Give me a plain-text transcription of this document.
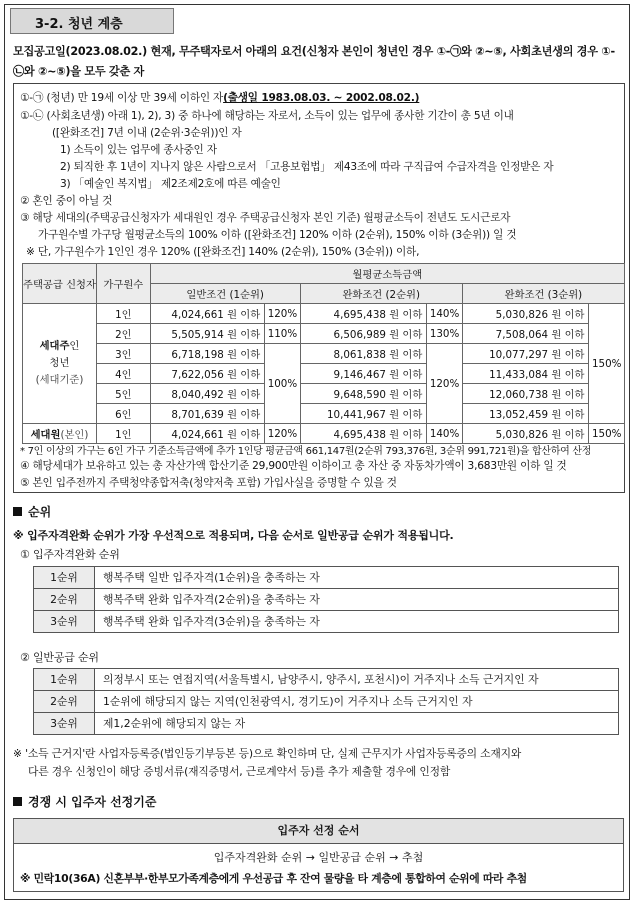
3-2. 청년 계층
모집공고일(2023.08.02.) 현재, 무주택자로서 아래의 요건(신청자 본인이 청년인 경우 ①-㉠와 ②~⑤, 사회초년생의 경우 ①-㉡와 ②~⑤)을 모두 갖춘 자
①-㉠ (청년) 만 19세 이상 만 39세 이하인 자(출생일 1983.08.03. ~ 2002.08.02.)
①-㉡ (사회초년생) 아래 1), 2), 3) 중 하나에 해당하는 자로서, 소득이 있는 업무에 종사한 기간이 총 5년 이내
([완화조건] 7년 이내 (2순위·3순위))인 자
1) 소득이 있는 업무에 종사중인 자
2) 퇴직한 후 1년이 지나지 않은 사람으로서 「고용보험법」 제43조에 따라 구직급여 수급자격을 인정받은 자
3) 「예술인 복지법」 제2조제2호에 따른 예술인
② 혼인 중이 아닐 것
③ 해당 세대의(주택공급신청자가 세대원인 경우 주택공급신청자 본인 기준) 월평균소득이 전년도 도시근로자
가구원수별 가구당 월평균소득의 100% 이하 ([완화조건] 120% 이하 (2순위), 150% 이하 (3순위)) 일 것
※ 단, 가구원수가 1인인 경우 120% ([완화조건] 140% (2순위), 150% (3순위)) 이하,
주택공급 신청자	가구원수	월평균소득금액					
		일반조건 (1순위)		완화조건 (2순위)		완화조건 (3순위)	
세대주인
청년
(세대기준)	1인	4,024,661 원 이하	120%	4,695,438 원 이하	140%	5,030,826 원 이하	150%
	2인	5,505,914 원 이하	110%	6,506,989 원 이하	130%	7,508,064 원 이하	
	3인	6,718,198 원 이하	100%	8,061,838 원 이하	120%	10,077,297 원 이하	
	4인	7,622,056 원 이하		9,146,467 원 이하		11,433,084 원 이하	
	5인	8,040,492 원 이하		9,648,590 원 이하		12,060,738 원 이하	
	6인	8,701,639 원 이하		10,441,967 원 이하		13,052,459 원 이하	
세대원(본인)	1인	4,024,661 원 이하	120%	4,695,438 원 이하	140%	5,030,826 원 이하	150%
* 7인 이상의 가구는 6인 가구 기준소득금액에 추가 1인당 평균금액 661,147원(2순위 793,376원, 3순위 991,721원)을 합산하여 산정
④ 해당세대가 보유하고 있는 총 자산가액 합산기준 29,900만원 이하이고 총 자산 중 자동차가액이 3,683만원 이하 일 것
⑤ 본인 입주전까지 주택청약종합저축(청약저축 포함) 가입사실을 증명할 수 있을 것
순위
※ 입주자격완화 순위가 가장 우선적으로 적용되며, 다음 순서로 일반공급 순위가 적용됩니다.
① 입주자격완화 순위
1순위	행복주택 일반 입주자격(1순위)을 충족하는 자
2순위	행복주택 완화 입주자격(2순위)을 충족하는 자
3순위	행복주택 완화 입주자격(3순위)을 충족하는 자
② 일반공급 순위
1순위	의정부시 또는 연접지역(서울특별시, 남양주시, 양주시, 포천시)이 거주지나 소득 근거지인 자
2순위	1순위에 해당되지 않는 지역(인천광역시, 경기도)이 거주지나 소득 근거지인 자
3순위	제1,2순위에 해당되지 않는 자
※ '소득 근거지'란 사업자등록증(법인등기부등본 등)으로 확인하며 단, 실제 근무지가 사업자등록증의 소재지와
다른 경우 신청인이 해당 증빙서류(재직증명서, 근로계약서 등)를 추가 제출할 경우에 인정함
경쟁 시 입주자 선정기준
입주자 선정 순서
입주자격완화 순위 → 일반공급 순위 → 추첨
※ 민락10(36A) 신혼부부·한부모가족계층에게 우선공급 후 잔여 물량을 타 계층에 통합하여 순위에 따라 추첨
